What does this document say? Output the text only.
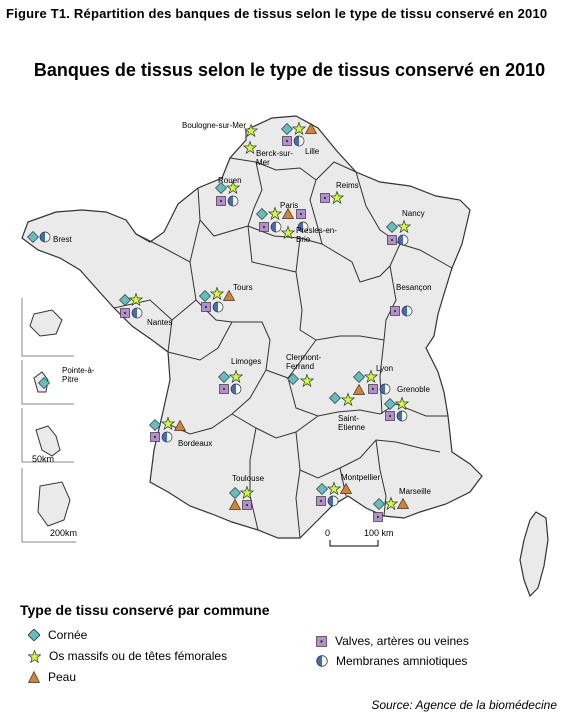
Figure T1. Répartition des banques de tissus selon le type de tissu conservé en 2010
Banques de tissus selon le type de tissus conservé en 2010
50km
200km	0	100 km
Boulogne-sur-Mer
Berck-sur-
Mer
Lille
Reims
Rouen
Paris
Presles-en-
Brie
Nancy
Brest
Tours
Nantes
Besançon
Pointe-à-
Pitre
Limoges	Clermont-
Ferrand	Lyon
Saint-
Etienne
Grenoble
Bordeaux
Toulouse	Montpellier
Marseille
Type de tissu conservé par commune
Cornée
Os massifs ou de têtes fémorales
Peau
Valves, artères ou veines
Membranes amniotiques
Source: Agence de la biomédecine
